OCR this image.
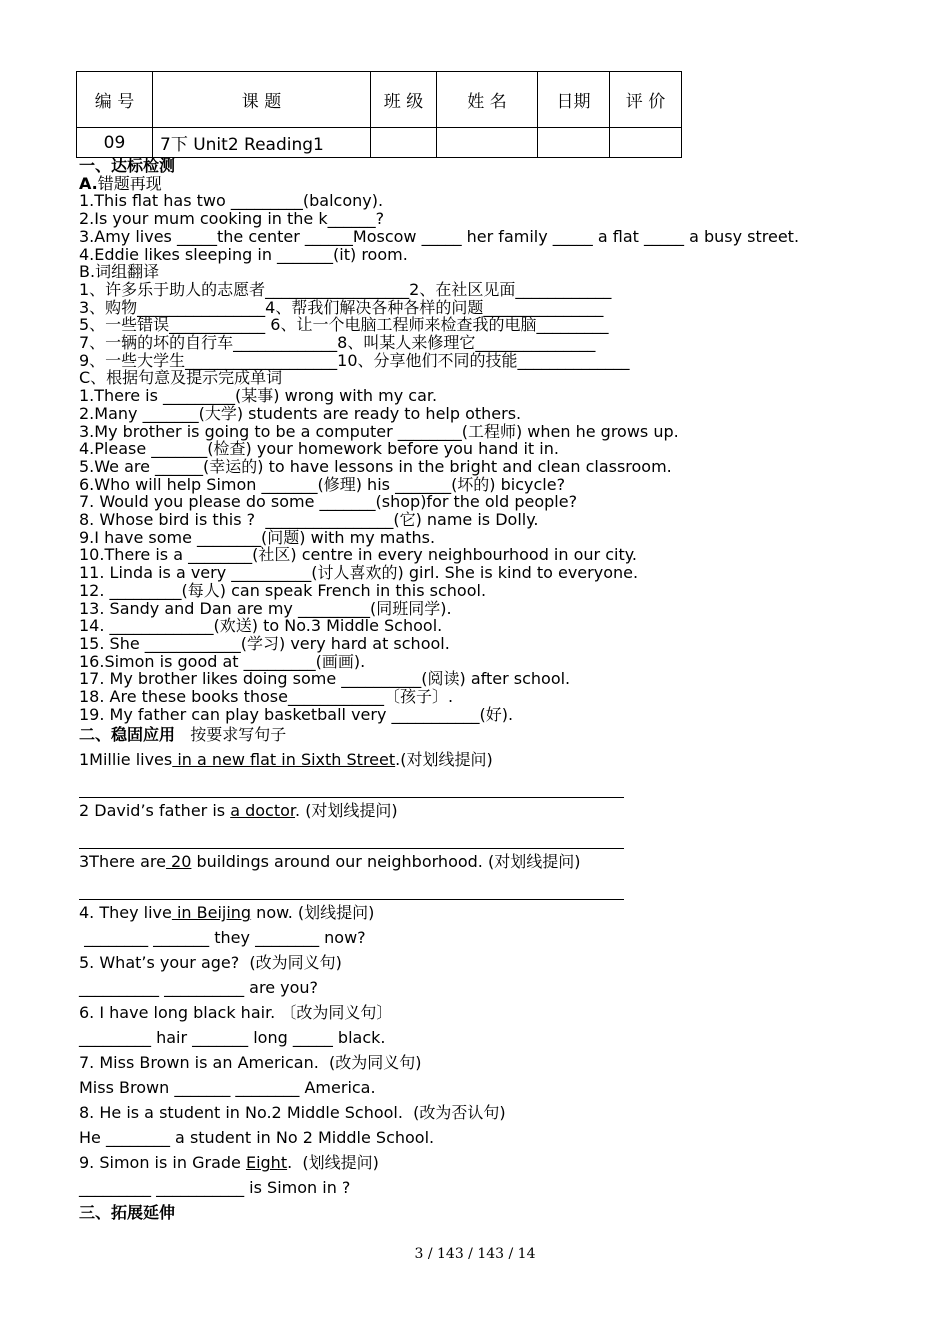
编 号	课 题	班 级	姓 名	日期	评 价
09	7下 Unit2 Reading1				
一、达标检测
A.错题再现
1.This flat has two _________(balcony).
2.Is your mum cooking in the k______?
3.Amy lives _____the center ______Moscow _____ her family _____ a flat _____ a busy street.
4.Eddie likes sleeping in _______(it) room.
B.词组翻译
1、许多乐于助人的志愿者__________________2、在社区见面____________
3、购物________________4、帮我们解决各种各样的问题_______________
5、一些错误____________ 6、让一个电脑工程师来检查我的电脑_________
7、一辆的坏的自行车_____________8、叫某人来修理它_______________
9、一些大学生___________________10、分享他们不同的技能______________
C、根据句意及提示完成单词
1.There is _________(某事) wrong with my car.
2.Many _______(大学) students are ready to help others.
3.My brother is going to be a computer ________(工程师) when he grows up.
4.Please _______(检查) your homework before you hand it in.
5.We are ______(幸运的) to have lessons in the bright and clean classroom.
6.Who will help Simon _______(修理) his _______(坏的) bicycle?
7. Would you please do some _______(shop)for the old people?
8. Whose bird is this ?  ________________(它) name is Dolly.
9.I have some ________(问题) with my maths.
10.There is a ________(社区) centre in every neighbourhood in our city.
11. Linda is a very __________(讨人喜欢的) girl. She is kind to everyone.
12. _________(每人) can speak French in this school.
13. Sandy and Dan are my _________(同班同学).
14. _____________(欢送) to No.3 Middle School.
15. She ____________(学习) very hard at school.
16.Simon is good at _________(画画).
17. My brother likes doing some __________(阅读) after school.
18. Are these books those____________〔孩子〕.
19. My father can play basketball very ___________(好).
二、稳固应用   按要求写句子
1Millie lives in a new flat in Sixth Street.(对划线提问)
2 David’s father is a doctor. (对划线提问)
3There are 20 buildings around our neighborhood. (对划线提问)
4. They live in Beijing now. (划线提问)
________ _______ they ________ now?
5. What’s your age?  (改为同义句)
__________ __________ are you?
6. I have long black hair. 〔改为同义句〕
_________ hair _______ long _____ black.
7. Miss Brown is an American.  (改为同义句)
Miss Brown _______ ________ America.
8. He is a student in No.2 Middle School.  (改为否认句)
He ________ a student in No 2 Middle School.
9. Simon is in Grade Eight.  (划线提问)
_________ ___________ is Simon in ?
三、拓展延伸
3 / 143 / 143 / 14
